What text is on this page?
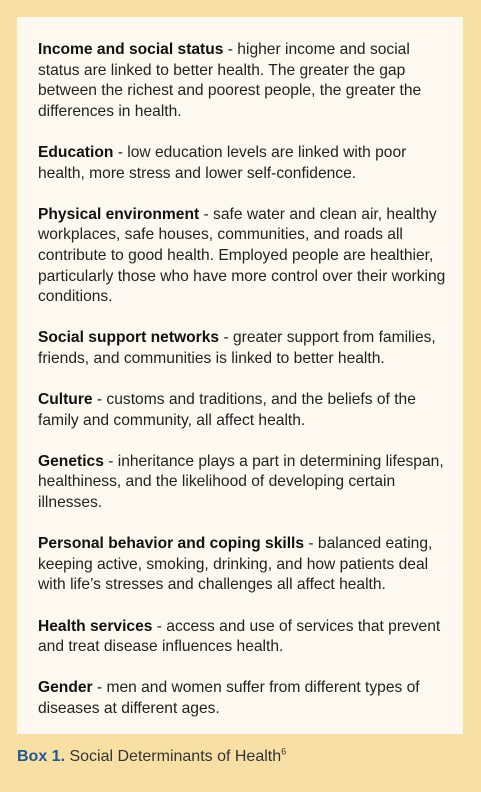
Income and social status - higher income and social status are linked to better health. The greater the gap between the richest and poorest people, the greater the differences in health.

Education - low education levels are linked with poor health, more stress and lower self-confidence.

Physical environment - safe water and clean air, healthy workplaces, safe houses, communities, and roads all contribute to good health. Employed people are healthier, particularly those who have more control over their working conditions.

Social support networks - greater support from families, friends, and communities is linked to better health.

Culture - customs and traditions, and the beliefs of the family and community, all affect health.

Genetics - inheritance plays a part in determining lifespan, healthiness, and the likelihood of developing certain illnesses.

Personal behavior and coping skills - balanced eating, keeping active, smoking, drinking, and how patients deal with life’s stresses and challenges all affect health.

Health services - access and use of services that prevent and treat disease influences health.

Gender - men and women suffer from different types of diseases at different ages.

Box 1. Social Determinants of Health$^6$
